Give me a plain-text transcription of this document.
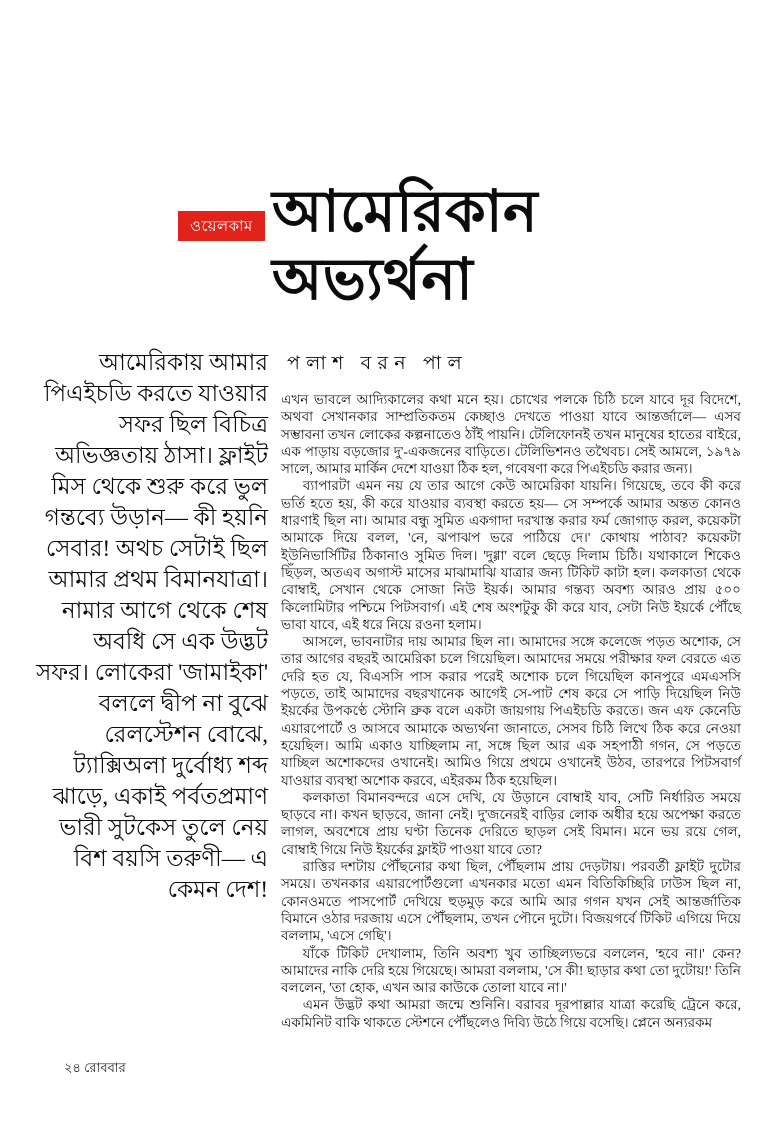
ওয়েলকাম আমেরিকান
অভ্যর্থনা
পলাশ বরন পাল
আমেরিকায় আমার পিএইচডি করতে যাওয়ার সফর ছিল বিচিত্র অভিজ্ঞতায় ঠাসা। ফ্লাইট মিস থেকে শুরু করে ভুল গন্তব্যে উড়ান— কী হয়নি সেবার! অথচ সেটাই ছিল আমার প্রথম বিমানযাত্রা। নামার আগে থেকে শেষ অবধি সে এক উদ্ভট সফর। লোকেরা 'জামাইকা' বললে দ্বীপ না বুঝে রেলস্টেশন বোঝে, ট্যাক্সিঅলা দুর্বোধ্য শব্দ ঝাড়ে, একাই পর্বতপ্রমাণ ভারী সুটকেস তুলে নেয় বিশ বয়সি তরুণী— এ কেমন দেশ!

এখন ভাবলে আদ্যিকালের কথা মনে হয়। চোখের পলকে চিঠি চলে যাবে দূর বিদেশে, অথবা সেখানকার সাম্প্রতিকতম কেচ্ছাও দেখতে পাওয়া যাবে আন্তর্জালে— এসব সম্ভাবনা তখন লোকের কল্পনাতেও ঠাঁই পায়নি। টেলিফোনই তখন মানুষের হাতের বাইরে, এক পাড়ায় বড়জোর দু'-একজনের বাড়িতে। টেলিভিশনও তথৈবচ। সেই আমলে, ১৯৭৯ সালে, আমার মার্কিন দেশে যাওয়া ঠিক হল, গবেষণা করে পিএইচডি করার জন্য।

ব্যাপারটা এমন নয় যে তার আগে কেউ আমেরিকা যায়নি। গিয়েছে, তবে কী করে ভর্তি হতে হয়, কী করে যাওয়ার ব্যবস্থা করতে হয়— সে সম্পর্কে আমার অন্তত কোনও ধারণাই ছিল না। আমার বন্ধু সুমিত একগাদা দরখাস্ত করার ফর্ম জোগাড় করল, কয়েকটা আমাকে দিয়ে বলল, 'নে, ঝপাঝপ ভরে পাঠিয়ে দে।' কোথায় পাঠাব? কয়েকটা ইউনিভার্সিটির ঠিকানাও সুমিত দিল। 'দুগ্গা' বলে ছেড়ে দিলাম চিঠি। যথাকালে শিকেও ছিঁড়ল, অতএব অগাস্ট মাসের মাঝামাঝি যাত্রার জন্য টিকিট কাটা হল। কলকাতা থেকে বোম্বাই, সেখান থেকে সোজা নিউ ইয়র্ক। আমার গন্তব্য অবশ্য আরও প্রায় ৫০০ কিলোমিটার পশ্চিমে পিটসবার্গ। এই শেষ অংশটুকু কী করে যাব, সেটা নিউ ইয়র্কে পৌঁছে ভাবা যাবে, এই ধরে নিয়ে রওনা হলাম।

আসলে, ভাবনাটার দায় আমার ছিল না। আমাদের সঙ্গে কলেজে পড়ত অশোক, সে তার আগের বছরই আমেরিকা চলে গিয়েছিল। আমাদের সময়ে পরীক্ষার ফল বেরতে এত দেরি হত যে, বিএসসি পাস করার পরেই অশোক চলে গিয়েছিল কানপুরে এমএসসি পড়তে, তাই আমাদের বছরখানেক আগেই সে-পাট শেষ করে সে পাড়ি দিয়েছিল নিউ ইয়র্কের উপকণ্ঠে স্টোনি ব্রুক বলে একটা জায়গায় পিএইচডি করতে। জন এফ কেনেডি এয়ারপোর্টে ও আসবে আমাকে অভ্যর্থনা জানাতে, সেসব চিঠি লিখে ঠিক করে নেওয়া হয়েছিল। আমি একাও যাচ্ছিলাম না, সঙ্গে ছিল আর এক সহপাঠী গগন, সে পড়তে যাচ্ছিল অশোকদের ওখানেই। আমিও গিয়ে প্রথমে ওখানেই উঠব, তারপরে পিটসবার্গ যাওয়ার ব্যবস্থা অশোক করবে, এইরকম ঠিক হয়েছিল।

কলকাতা বিমানবন্দরে এসে দেখি, যে উড়ানে বোম্বাই যাব, সেটি নির্ধারিত সময়ে ছাড়বে না। কখন ছাড়বে, জানা নেই। দু'জনেরই বাড়ির লোক অধীর হয়ে অপেক্ষা করতে লাগল, অবশেষে প্রায় ঘণ্টা তিনেক দেরিতে ছাড়ল সেই বিমান। মনে ভয় রয়ে গেল, বোম্বাই গিয়ে নিউ ইয়র্কের ফ্লাইট পাওয়া যাবে তো?

রাত্তির দশটায় পৌঁছনোর কথা ছিল, পৌঁছলাম প্রায় দেড়টায়। পরবর্তী ফ্লাইট দুটোর সময়ে। তখনকার এয়ারপোর্টগুলো এখনকার মতো এমন বিতিকিচ্ছিরি ঢাউস ছিল না, কোনওমতে পাসপোর্ট দেখিয়ে হুড়মুড় করে আমি আর গগন যখন সেই আন্তর্জাতিক বিমানে ওঠার দরজায় এসে পৌঁছলাম, তখন পৌনে দুটো। বিজয়গর্বে টিকিট এগিয়ে দিয়ে বললাম, 'এসে গেছি'।

যাঁকে টিকিট দেখালাম, তিনি অবশ্য খুব তাচ্ছিল্যভরে বললেন, 'হবে না।' কেন? আমাদের নাকি দেরি হয়ে গিয়েছে। আমরা বললাম, 'সে কী! ছাড়ার কথা তো দুটোয়!' তিনি বললেন, 'তা হোক, এখন আর কাউকে তোলা যাবে না।'

এমন উদ্ভট কথা আমরা জন্মে শুনিনি। বরাবর দূরপাল্লার যাত্রা করেছি ট্রেনে করে, একমিনিট বাকি থাকতে স্টেশনে পৌঁছলেও দিব্যি উঠে গিয়ে বসেছি। প্লেনে অন্যরকম

২৪ রোববার
